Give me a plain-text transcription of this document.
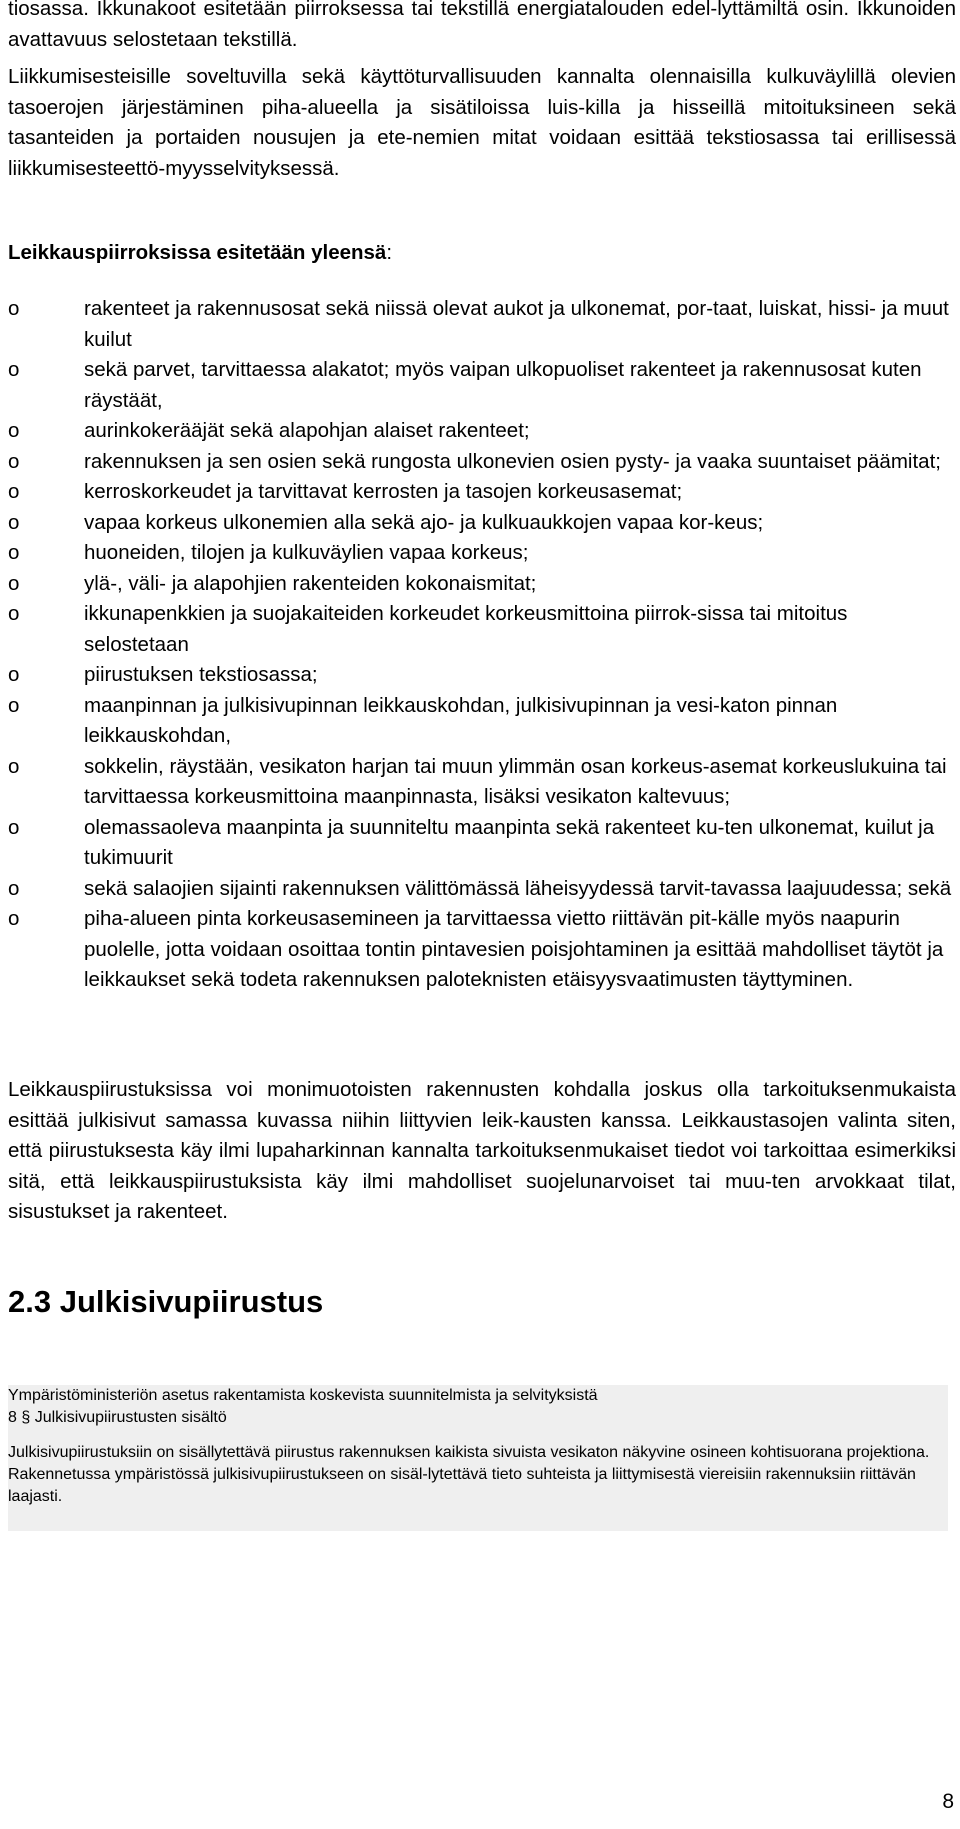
tiosassa. Ikkunakoot esitetään piirroksessa tai tekstillä energiatalouden edel-lyttämiltä osin. Ikkunoiden avattavuus selostetaan tekstillä.

Liikkumisesteisille soveltuvilla sekä käyttöturvallisuuden kannalta olennaisilla kulkuväylillä olevien tasoerojen järjestäminen piha-alueella ja sisätiloissa luis-killa ja hisseillä mitoituksineen sekä tasanteiden ja portaiden nousujen ja ete-nemien mitat voidaan esittää tekstiosassa tai erillisessä liikkumisesteettö-myysselvityksessä.

Leikkauspiirroksissa esitetään yleensä:

o	rakenteet ja rakennusosat sekä niissä olevat aukot ja ulkonemat, por-taat, luiskat, hissi- ja muut kuilut
o	sekä parvet, tarvittaessa alakatot; myös vaipan ulkopuoliset rakenteet ja rakennusosat kuten räystäät,
o	aurinkokerääjät sekä alapohjan alaiset rakenteet;
o	rakennuksen ja sen osien sekä rungosta ulkonevien osien pysty- ja vaaka suuntaiset päämitat;
o	kerroskorkeudet ja tarvittavat kerrosten ja tasojen korkeusasemat;
o	vapaa korkeus ulkonemien alla sekä ajo- ja kulkuaukkojen vapaa kor-keus;
o	huoneiden, tilojen ja kulkuväylien vapaa korkeus;
o	ylä-, väli- ja alapohjien rakenteiden kokonaismitat;
o	ikkunapenkkien ja suojakaiteiden korkeudet korkeusmittoina piirrok-sissa tai mitoitus selostetaan
o	piirustuksen tekstiosassa;
o	maanpinnan ja julkisivupinnan leikkauskohdan, julkisivupinnan ja vesi-katon pinnan leikkauskohdan,
o	sokkelin, räystään, vesikaton harjan tai muun ylimmän osan korkeus-asemat korkeuslukuina tai tarvittaessa korkeusmittoina maanpinnasta, lisäksi vesikaton kaltevuus;
o	olemassaoleva maanpinta ja suunniteltu maanpinta sekä rakenteet ku-ten ulkonemat, kuilut ja tukimuurit
o	sekä salaojien sijainti rakennuksen välittömässä läheisyydessä tarvit-tavassa laajuudessa; sekä
o	piha-alueen pinta korkeusasemineen ja tarvittaessa vietto riittävän pit-källe myös naapurin puolelle, jotta voidaan osoittaa tontin pintavesien poisjohtaminen ja esittää mahdolliset täytöt ja leikkaukset sekä todeta rakennuksen paloteknisten etäisyysvaatimusten täyttyminen.

Leikkauspiirustuksissa voi monimuotoisten rakennusten kohdalla joskus olla tarkoituksenmukaista esittää julkisivut samassa kuvassa niihin liittyvien leik-kausten kanssa. Leikkaustasojen valinta siten, että piirustuksesta käy ilmi lupaharkinnan kannalta tarkoituksenmukaiset tiedot voi tarkoittaa esimerkiksi sitä, että leikkauspiirustuksista käy ilmi mahdolliset suojelunarvoiset tai muu-ten arvokkaat tilat, sisustukset ja rakenteet.

2.3 Julkisivupiirustus

Ympäristöministeriön asetus rakentamista koskevista suunnitelmista ja selvityksistä

8 § Julkisivupiirustusten sisältö

Julkisivupiirustuksiin on sisällytettävä piirustus rakennuksen kaikista sivuista vesikaton näkyvine osineen kohtisuorana projektiona. Rakennetussa ympäristössä julkisivupiirustukseen on sisäl-lytettävä tieto suhteista ja liittymisestä viereisiin rakennuksiin riittävän laajasti.

8
